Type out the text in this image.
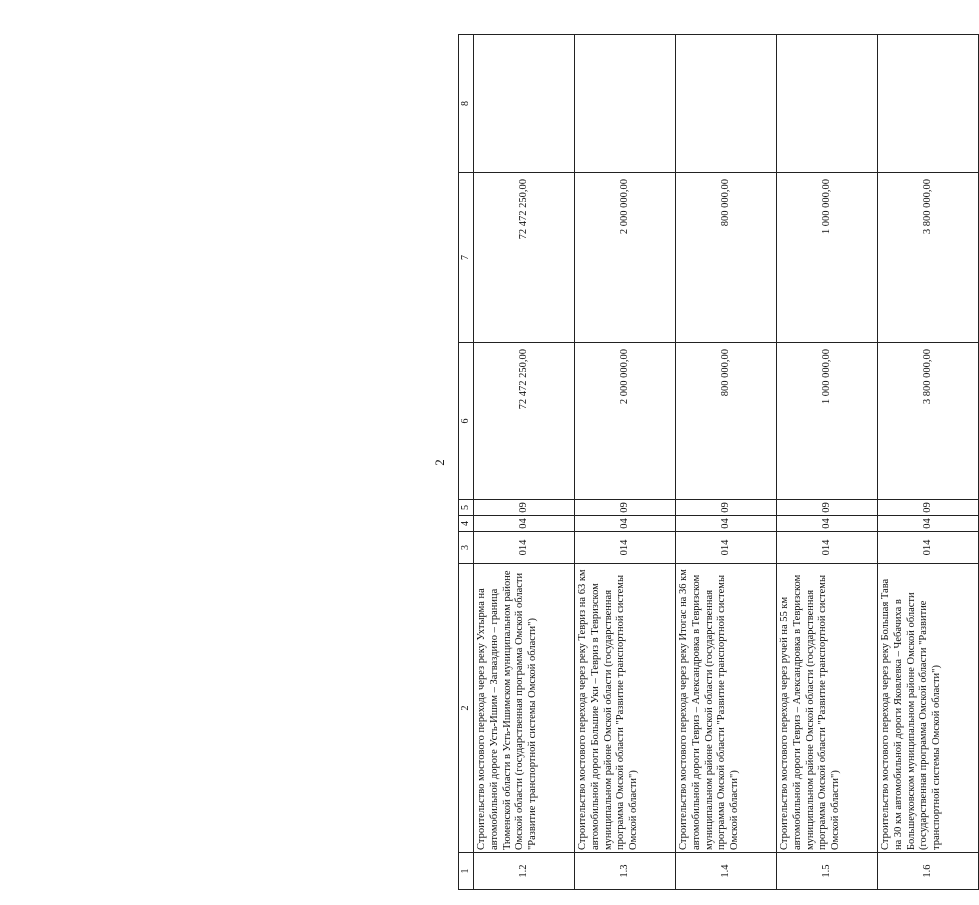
2
1	2	3	4	5	6	7	8
1.2	Строительство мостового перехода через реку Ухтырма на автомобильной дороге Усть-Ишим – Загваздино – граница Тюменской области в Усть-Ишимском муниципальном районе Омской области (государственная программа Омской области "Развитие транспортной системы Омской области")	014	04	09	72 472 250,00	72 472 250,00	
1.3	Строительство мостового перехода через реку Тевриз на 63 км автомобильной дороги Большие Уки – Тевриз в Тевризском муниципальном районе Омской области (государственная программа Омской области "Развитие транспортной системы Омской области")	014	04	09	2 000 000,00	2 000 000,00	
1.4	Строительство мостового перехода через реку Итогас на 36 км автомобильной дороги Тевриз – Александровка в Тевризском муниципальном районе Омской области (государственная программа Омской области "Развитие транспортной системы Омской области")	014	04	09	800 000,00	800 000,00	
1.5	Строительство мостового перехода через ручей на 55 км автомобильной дороги Тевриз – Александровка в Тевризском муниципальном районе Омской области (государственная программа Омской области "Развитие транспортной системы Омской области")	014	04	09	1 000 000,00	1 000 000,00	
1.6	Строительство мостового перехода через реку Большая Тава на 30 км автомобильной дороги Яковлевка – Чебачиха в Большеуковском муниципальном районе Омской области (государственная программа Омской области "Развитие транспортной системы Омской области")	014	04	09	3 800 000,00	3 800 000,00	
